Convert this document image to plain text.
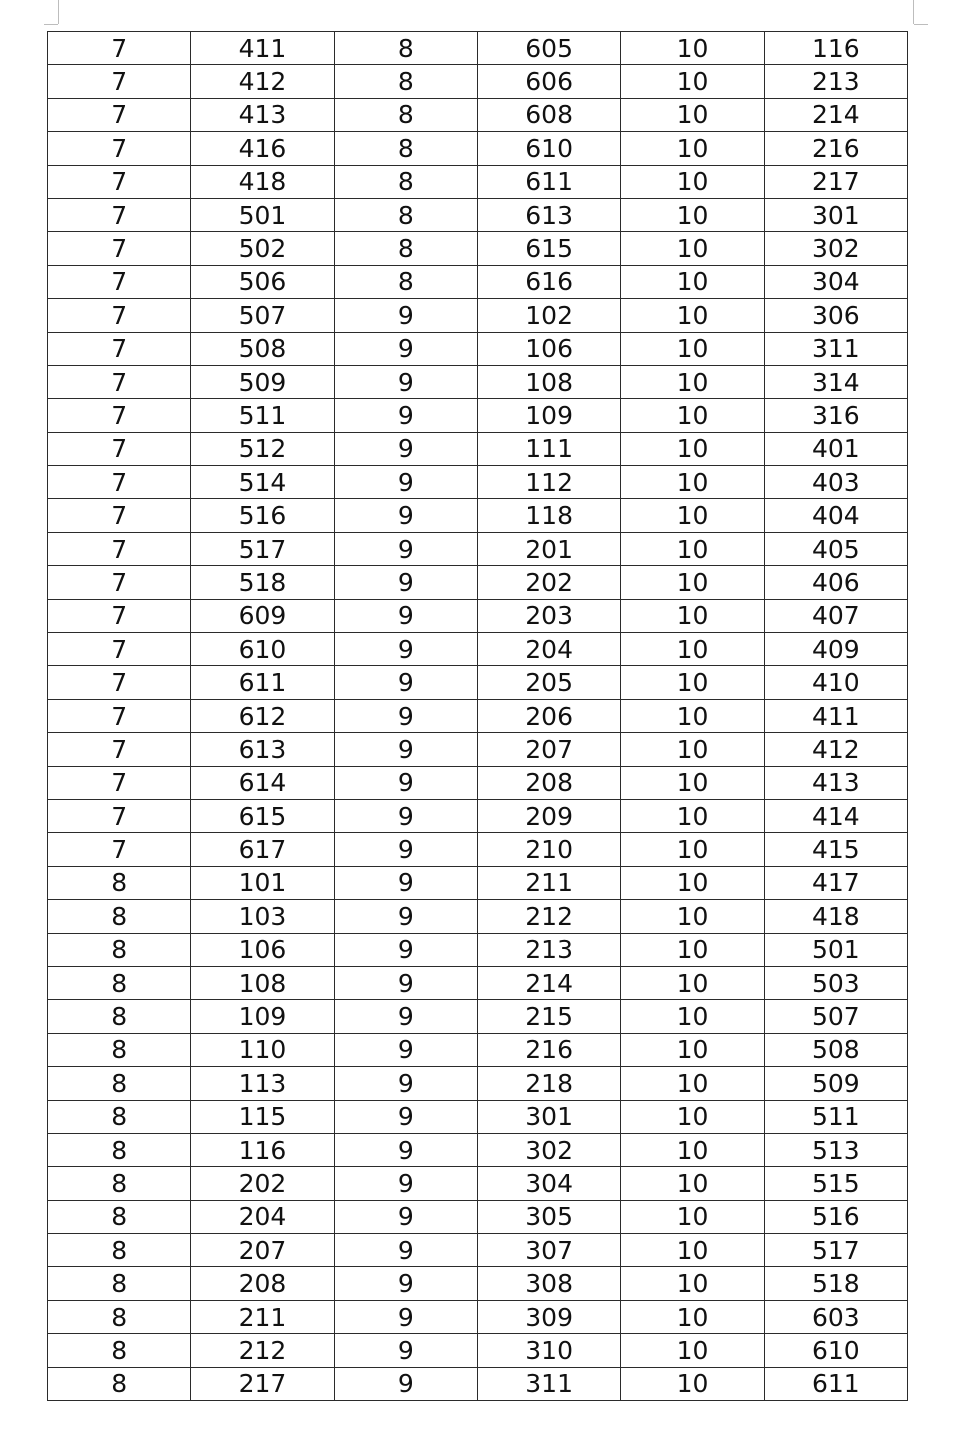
7	411	8	605	10	116
7	412	8	606	10	213
7	413	8	608	10	214
7	416	8	610	10	216
7	418	8	611	10	217
7	501	8	613	10	301
7	502	8	615	10	302
7	506	8	616	10	304
7	507	9	102	10	306
7	508	9	106	10	311
7	509	9	108	10	314
7	511	9	109	10	316
7	512	9	111	10	401
7	514	9	112	10	403
7	516	9	118	10	404
7	517	9	201	10	405
7	518	9	202	10	406
7	609	9	203	10	407
7	610	9	204	10	409
7	611	9	205	10	410
7	612	9	206	10	411
7	613	9	207	10	412
7	614	9	208	10	413
7	615	9	209	10	414
7	617	9	210	10	415
8	101	9	211	10	417
8	103	9	212	10	418
8	106	9	213	10	501
8	108	9	214	10	503
8	109	9	215	10	507
8	110	9	216	10	508
8	113	9	218	10	509
8	115	9	301	10	511
8	116	9	302	10	513
8	202	9	304	10	515
8	204	9	305	10	516
8	207	9	307	10	517
8	208	9	308	10	518
8	211	9	309	10	603
8	212	9	310	10	610
8	217	9	311	10	611
